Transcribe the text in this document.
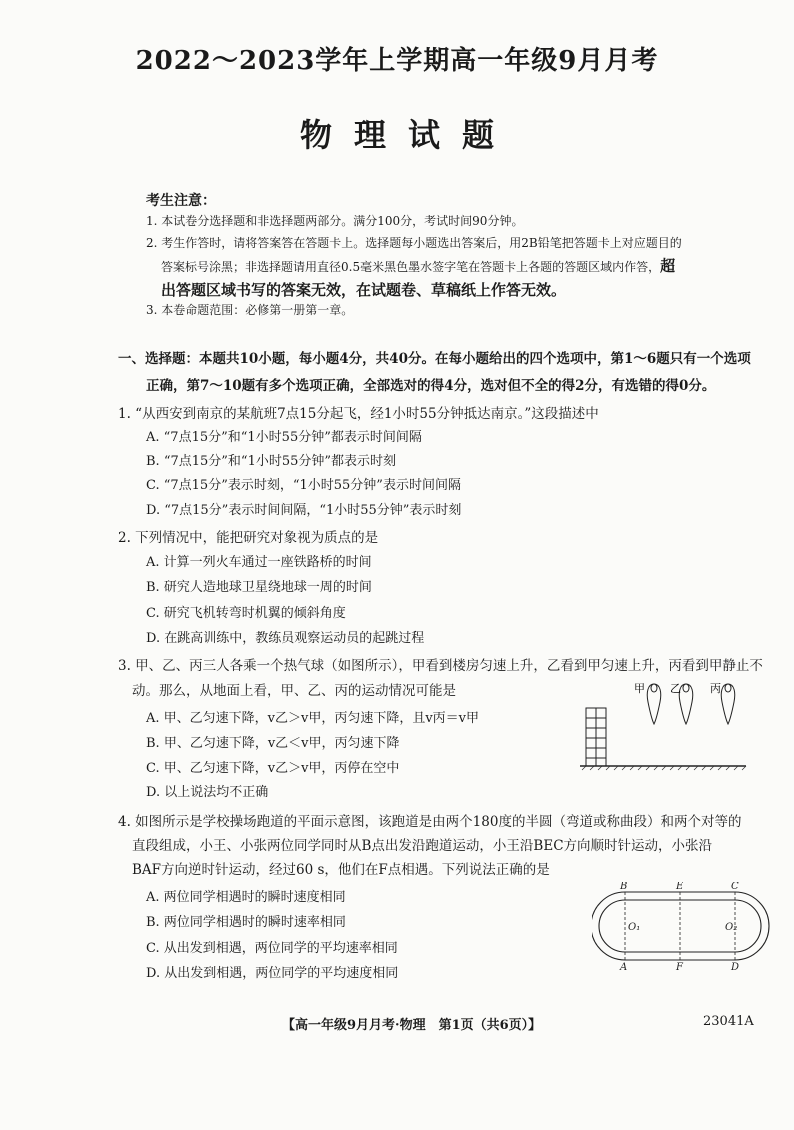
2022～2023学年上学期高一年级9月月考
物理试题
考生注意：
1. 本试卷分选择题和非选择题两部分。满分100分，考试时间90分钟。
2. 考生作答时，请将答案答在答题卡上。选择题每小题选出答案后，用2B铅笔把答题卡上对应题目的
答案标号涂黑；非选择题请用直径0.5毫米黑色墨水签字笔在答题卡上各题的答题区域内作答，超
出答题区域书写的答案无效，在试题卷、草稿纸上作答无效。
3. 本卷命题范围：必修第一册第一章。
一、选择题：本题共10小题，每小题4分，共40分。在每小题给出的四个选项中，第1～6题只有一个选项
正确，第7～10题有多个选项正确，全部选对的得4分，选对但不全的得2分，有选错的得0分。
1. “从西安到南京的某航班7点15分起飞，经1小时55分钟抵达南京。”这段描述中
A. “7点15分”和“1小时55分钟”都表示时间间隔
B. “7点15分”和“1小时55分钟”都表示时刻
C. “7点15分”表示时刻，“1小时55分钟”表示时间间隔
D. “7点15分”表示时间间隔，“1小时55分钟”表示时刻
2. 下列情况中，能把研究对象视为质点的是
A. 计算一列火车通过一座铁路桥的时间
B. 研究人造地球卫星绕地球一周的时间
C. 研究飞机转弯时机翼的倾斜角度
D. 在跳高训练中，教练员观察运动员的起跳过程
3. 甲、乙、丙三人各乘一个热气球（如图所示），甲看到楼房匀速上升，乙看到甲匀速上升，丙看到甲静止不
动。那么，从地面上看，甲、乙、丙的运动情况可能是
A. 甲、乙匀速下降，v乙＞v甲，丙匀速下降，且v丙＝v甲
B. 甲、乙匀速下降，v乙＜v甲，丙匀速下降
C. 甲、乙匀速下降，v乙＞v甲，丙停在空中
D. 以上说法均不正确
甲 乙	丙
4. 如图所示是学校操场跑道的平面示意图，该跑道是由两个180度的半圆（弯道或称曲段）和两个对等的
直段组成，小王、小张两位同学同时从B点出发沿跑道运动，小王沿BEC方向顺时针运动，小张沿
BAF方向逆时针运动，经过60 s，他们在F点相遇。下列说法正确的是
A. 两位同学相遇时的瞬时速度相同
B. 两位同学相遇时的瞬时速率相同
C. 从出发到相遇，两位同学的平均速率相同
D. 从出发到相遇，两位同学的平均速度相同
B	E	C
O₁	O₂
A	F	D
【高一年级9月月考·物理　第1页（共6页）】	23041A
